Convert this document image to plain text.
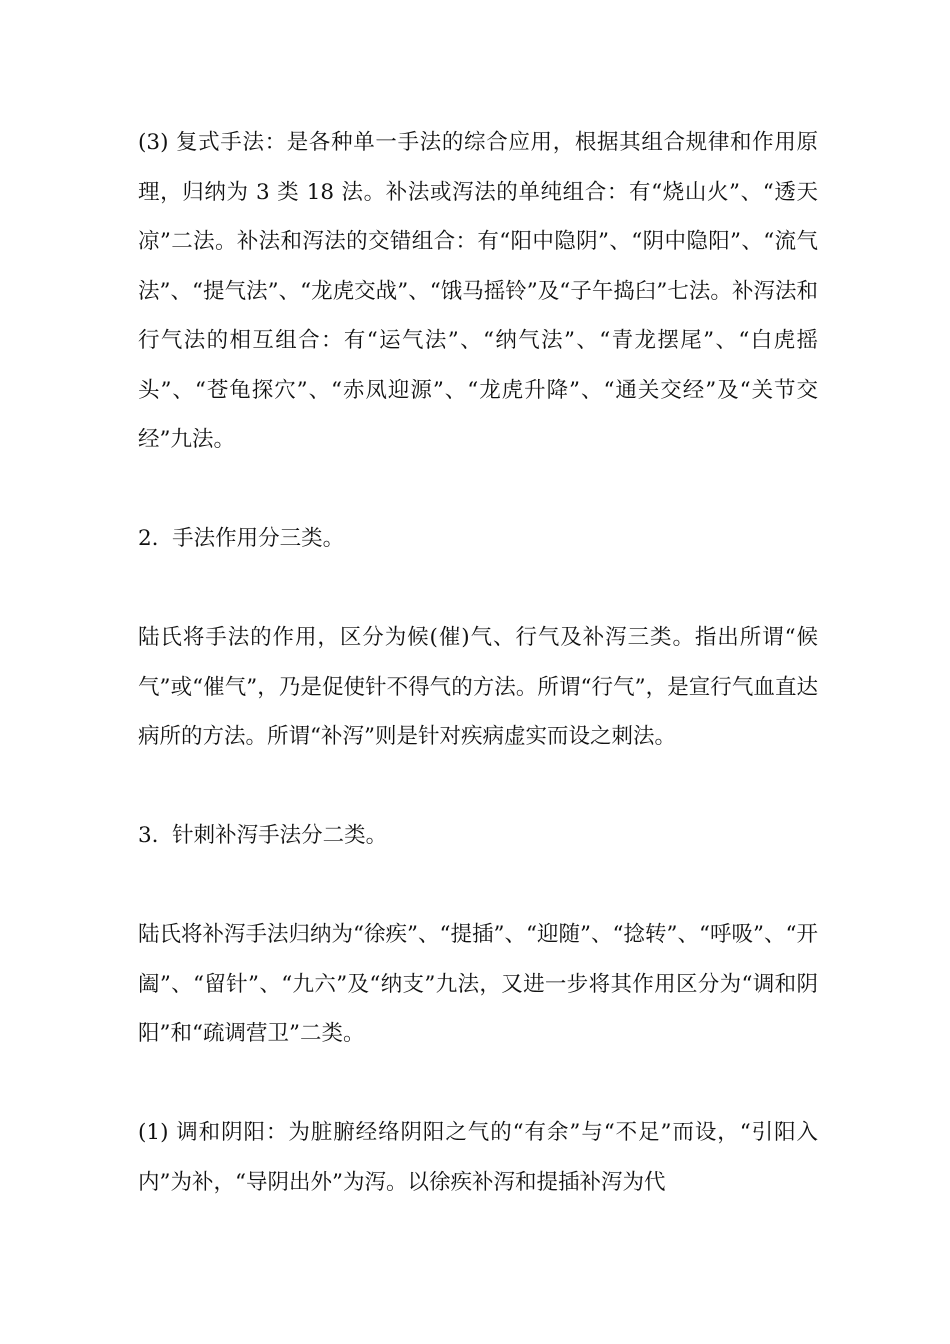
(3) 复式手法：是各种单一手法的综合应用，根据其组合规律和作用原理，归纳为 3 类 18 法。补法或泻法的单纯组合：有“烧山火”、“透天凉”二法。补法和泻法的交错组合：有“阳中隐阴”、“阴中隐阳”、“流气法”、“提气法”、“龙虎交战”、“饿马摇铃”及“子午捣臼”七法。补泻法和行气法的相互组合：有“运气法”、“纳气法”、“青龙摆尾”、“白虎摇头”、“苍龟探穴”、“赤凤迎源”、“龙虎升降”、“通关交经”及“关节交经”九法。

2.  手法作用分三类。

陆氏将手法的作用，区分为候(催)气、行气及补泻三类。指出所谓“候气”或“催气”，乃是促使针不得气的方法。所谓“行气”，是宣行气血直达病所的方法。所谓“补泻”则是针对疾病虚实而设之刺法。

3.  针刺补泻手法分二类。

陆氏将补泻手法归纳为“徐疾”、“提插”、“迎随”、“捻转”、“呼吸”、“开阖”、“留针”、“九六”及“纳支”九法，又进一步将其作用区分为“调和阴阳”和“疏调营卫”二类。

(1) 调和阴阳：为脏腑经络阴阳之气的“有余”与“不足”而设，“引阳入内”为补，“导阴出外”为泻。以徐疾补泻和提插补泻为代
